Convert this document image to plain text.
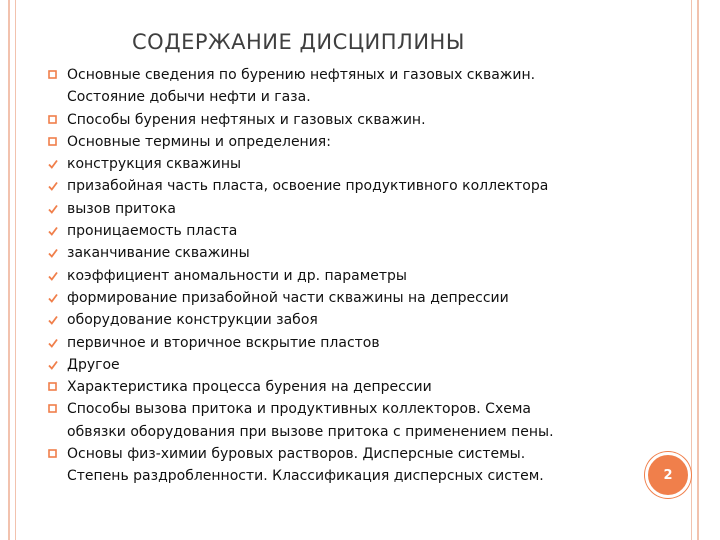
СОДЕРЖАНИЕ ДИСЦИПЛИНЫ
Основные сведения по бурению нефтяных и газовых скважин.
Состояние добычи нефти и газа.
Способы бурения нефтяных и газовых скважин.
Основные термины и определения:
конструкция скважины
призабойная часть пласта, освоение продуктивного коллектора
вызов притока
проницаемость пласта
заканчивание скважины
коэффициент аномальности и др. параметры
формирование призабойной части скважины на депрессии
оборудование конструкции забоя
первичное и вторичное вскрытие пластов
Другое
Характеристика процесса бурения на депрессии
Способы вызова притока и продуктивных коллекторов. Схема
обвязки оборудования при вызове притока с применением пены.
Основы физ-химии буровых растворов. Дисперсные системы.
Степень раздробленности. Классификация дисперсных систем.	2
